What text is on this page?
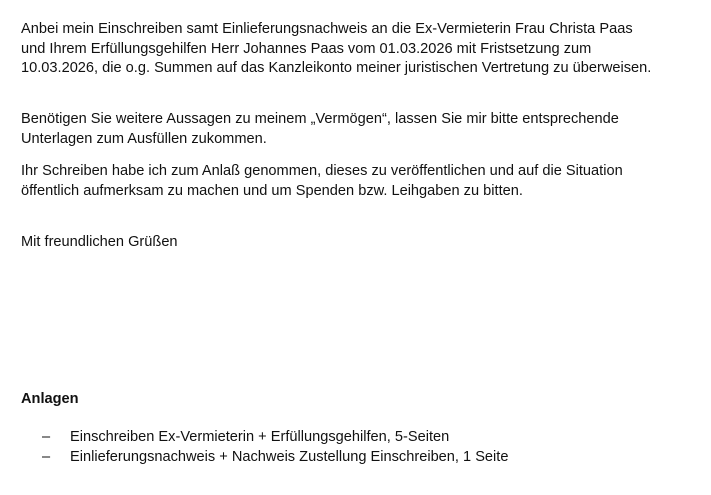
Anbei mein Einschreiben samt Einlieferungsnachweis an die Ex-Vermieterin Frau Christa Paas
und Ihrem Erfüllungsgehilfen Herr Johannes Paas vom 01.03.2026 mit Fristsetzung zum
10.03.2026, die o.g. Summen auf das Kanzleikonto meiner juristischen Vertretung zu überweisen.
Benötigen Sie weitere Aussagen zu meinem „Vermögen“, lassen Sie mir bitte entsprechende
Unterlagen zum Ausfüllen zukommen.
Ihr Schreiben habe ich zum Anlaß genommen, dieses zu veröffentlichen und auf die Situation
öffentlich aufmerksam zu machen und um Spenden bzw. Leihgaben zu bitten.
Mit freundlichen Grüßen
Anlagen
– Einschreiben Ex-Vermieterin + Erfüllungsgehilfen, 5-Seiten
– Einlieferungsnachweis + Nachweis Zustellung Einschreiben, 1 Seite
